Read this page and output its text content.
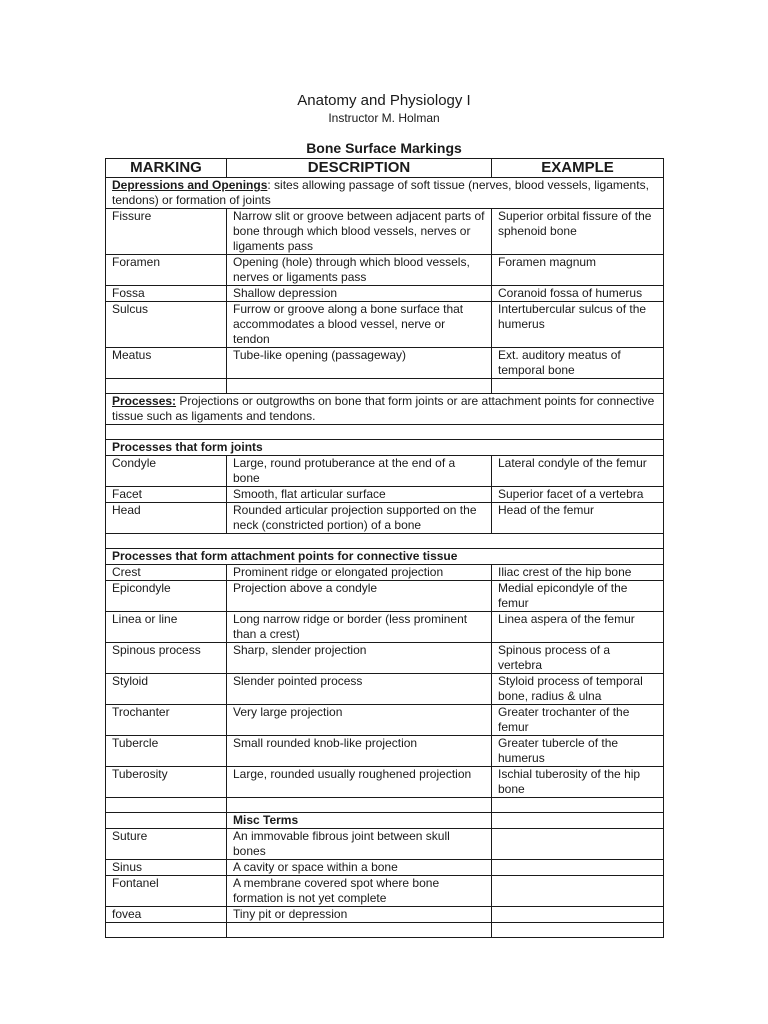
Anatomy and Physiology I
Instructor M. Holman
Bone Surface Markings
MARKING	DESCRIPTION	EXAMPLE
Depressions and Openings: sites allowing passage of soft tissue (nerves, blood vessels, ligaments, tendons) or formation of joints		
Fissure	Narrow slit or groove between adjacent parts of bone through which blood vessels, nerves or ligaments pass	Superior orbital fissure of the sphenoid bone
Foramen	Opening (hole) through which blood vessels, nerves or ligaments pass	Foramen magnum
Fossa	Shallow depression	Coranoid fossa of humerus
Sulcus	Furrow or groove along a bone surface that accommodates a blood vessel, nerve or tendon	Intertubercular sulcus of the humerus
Meatus	Tube-like opening (passageway)	Ext. auditory meatus of temporal bone

Processes: Projections or outgrowths on bone that form joints or are attachment points for connective tissue such as ligaments and tendons.		

Processes that form joints		
Condyle	Large, round protuberance at the end of a bone	Lateral condyle of the femur
Facet	Smooth, flat articular surface	Superior facet of a vertebra
Head	Rounded articular projection supported on the neck (constricted portion) of a bone	Head of the femur

Processes that form attachment points for connective tissue		
Crest	Prominent ridge or elongated projection	Iliac crest of the hip bone
Epicondyle	Projection above a condyle	Medial epicondyle of the femur
Linea or line	Long narrow ridge or border (less prominent than a crest)	Linea aspera of the femur
Spinous process	Sharp, slender projection	Spinous process of a vertebra
Styloid	Slender pointed process	Styloid process of temporal bone, radius & ulna
Trochanter	Very large projection	Greater trochanter of the femur
Tubercle	Small rounded knob-like projection	Greater tubercle of the humerus
Tuberosity	Large, rounded usually roughened projection	Ischial tuberosity of the hip bone

	Misc Terms	
Suture	An immovable fibrous joint between skull bones	
Sinus	A cavity or space within a bone	
Fontanel	A membrane covered spot where bone formation is not yet complete	
fovea	Tiny pit or depression	
